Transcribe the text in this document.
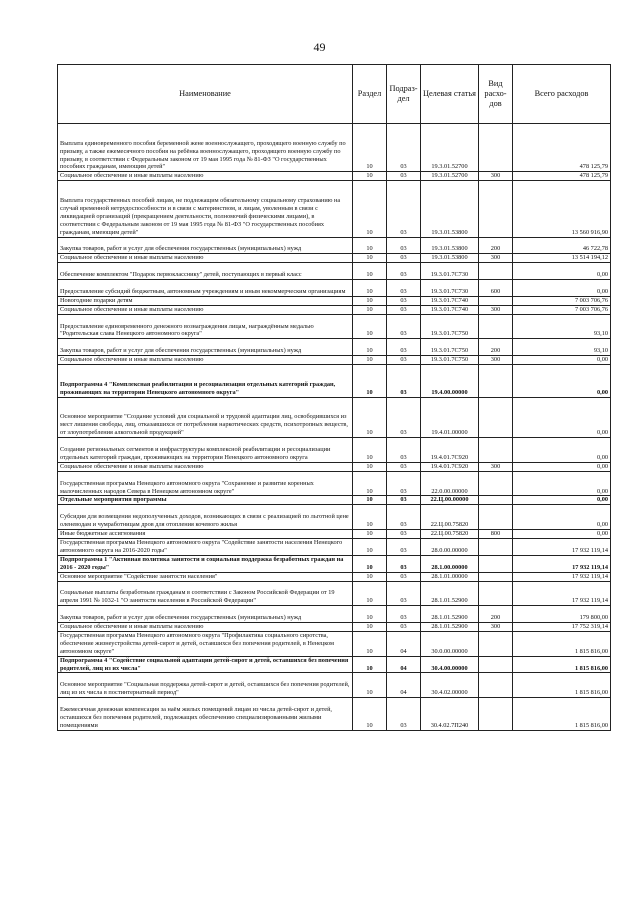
49
Наименование	Раздел	Подраз-дел	Целевая статья	Вид расхо-дов	Всего расходов
Выплата единовременного пособия беременной жене военнослужащего, проходящего военную службу по призыву, а также ежемесячного пособия на ребёнка военнослужащего, проходящего военную службу по призыву, в соответствии с Федеральным законом от 19 мая 1995 года № 81-ФЗ "О государственных пособиях гражданам, имеющим детей"	10	03	19.3.01.52700		478 125,79
Социальное обеспечение и иные выплаты населению	10	03	19.3.01.52700	300	478 125,79
Выплата государственных пособий лицам, не подлежащим обязательному социальному страхованию на случай временной нетрудоспособности и в связи с материнством, и лицам, уволенным в связи с ликвидацией организаций (прекращением деятельности, полномочий физическими лицами), в соответствии с Федеральным законом от 19 мая 1995 года № 81-ФЗ "О государственных пособиях гражданам, имеющим детей"	10	03	19.3.01.53800		13 560 916,90
Закупка товаров, работ и услуг для обеспечения государственных (муниципальных) нужд	10	03	19.3.01.53800	200	46 722,78
Социальное обеспечение и иные выплаты населению	10	03	19.3.01.53800	300	13 514 194,12
Обеспечение комплектом "Подарок первокласснику" детей, поступающих в первый класс	10	03	19.3.01.7С730		0,00
Предоставление субсидий бюджетным, автономным учреждениям и иным некоммерческим организациям	10	03	19.3.01.7С730	600	0,00
Новогодние подарки детям	10	03	19.3.01.7С740		7 003 706,76
Социальное обеспечение и иные выплаты населению	10	03	19.3.01.7С740	300	7 003 706,76
Предоставление единовременного денежного вознаграждения лицам, награждённым медалью "Родительская слава Ненецкого автономного округа"	10	03	19.3.01.7С750		93,10
Закупка товаров, работ и услуг для обеспечения государственных (муниципальных) нужд	10	03	19.3.01.7С750	200	93,10
Социальное обеспечение и иные выплаты населению	10	03	19.3.01.7С750	300	0,00
Подпрограмма 4 "Комплексная реабилитация и ресоциализация отдельных категорий граждан, проживающих на территории Ненецкого автономного округа"	10	03	19.4.00.00000		0,00
Основное мероприятие "Создание условий для социальной и трудовой адаптации лиц, освободившихся из мест лишения свободы, лиц, отказавшихся от потребления наркотических средств, психотропных веществ, от злоупотребления алкогольной продукцией"	10	03	19.4.01.00000		0,00
Создание региональных сегментов и инфраструктуры комплексной реабилитации и ресоциализации отдельных категорий граждан, проживающих на территории Ненецкого автономного округа	10	03	19.4.01.7С920		0,00
Социальное обеспечение и иные выплаты населению	10	03	19.4.01.7С920	300	0,00
Государственная программа Ненецкого автономного округа "Сохранение и развитие коренных малочисленных народов Севера в Ненецком автономном округе"	10	03	22.0.00.00000		0,00
Отдельные мероприятия программы	10	03	22.Ц.00.00000		0,00
Субсидия для возмещения недополученных доходов, возникающих в связи с реализацией по льготной цене оленеводам и чумработницам дров для отопления кочевого жилья	10	03	22.Ц.00.75820		0,00
Иные бюджетные ассигнования	10	03	22.Ц.00.75820	800	0,00
Государственная программа Ненецкого автономного округа "Содействие занятости населения Ненецкого автономного округа на 2016-2020 годы"	10	03	28.0.00.00000		17 932 119,14
Подпрограмма 1 "Активная политика занятости и социальная поддержка безработных граждан на 2016 - 2020 годы"	10	03	28.1.00.00000		17 932 119,14
Основное мероприятие "Содействие занятости населения"	10	03	28.1.01.00000		17 932 119,14
Социальные выплаты безработным гражданам в соответствии с Законом Российской Федерации от 19 апреля 1991 № 1032-1 "О занятости населения в Российской Федерации"	10	03	28.1.01.52900		17 932 119,14
Закупка товаров, работ и услуг для обеспечения государственных (муниципальных) нужд	10	03	28.1.01.52900	200	179 800,00
Социальное обеспечение и иные выплаты населению	10	03	28.1.01.52900	300	17 752 319,14
Государственная программа Ненецкого автономного округа "Профилактика социального сиротства, обеспечение жизнеустройства детей-сирот и детей, оставшихся без попечения родителей, в Ненецком автономном округе"	10	04	30.0.00.00000		1 815 816,00
Подпрограмма 4 "Содействие социальной адаптации детей-сирот и детей, оставшихся без попечения родителей, лиц из их числа"	10	04	30.4.00.00000		1 815 816,00
Основное мероприятие "Социальная поддержка детей-сирот и детей, оставшихся без попечения родителей, лиц из их числа в постинтернатный период"	10	04	30.4.02.00000		1 815 816,00
Ежемесячная денежная компенсация за наём жилых помещений лицам из числа детей-сирот и детей, оставшихся без попечения родителей, подлежащих обеспечению специализированными жилыми помещениями	10	03	30.4.02.7П240		1 815 816,00
